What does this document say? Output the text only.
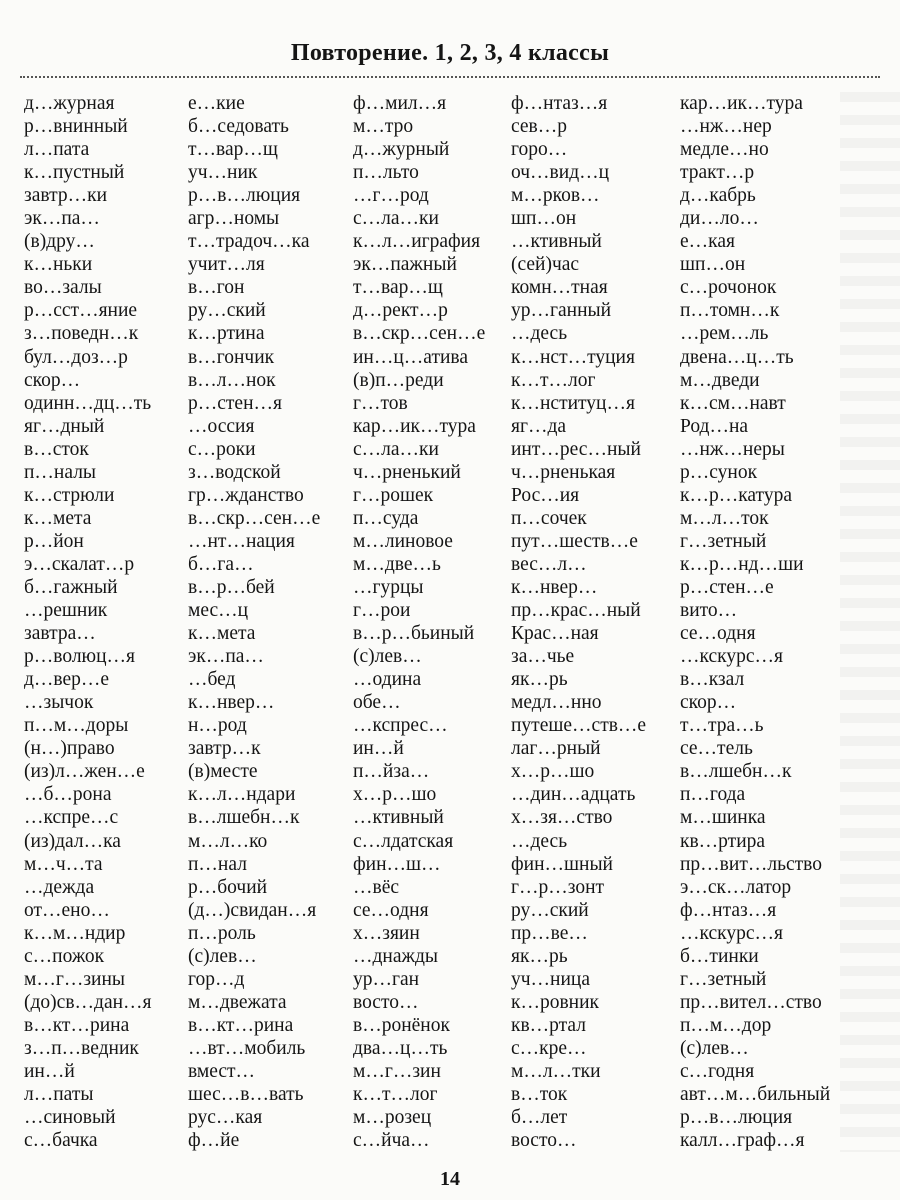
Повторение. 1, 2, 3, 4 классы
д…журная
р…внинный
л…пата
к…пустный
завтр…ки
эк…па…
(в)дру…
к…ньки
во…залы
р…сст…яние
з…поведн…к
бул…доз…р
скор…
одинн…дц…ть
яг…дный
в…сток
п…налы
к…стрюли
к…мета
р…йон
э…скалат…р
б…гажный
…решник
завтра…
р…волюц…я
д…вер…е
…зычок
п…м…доры
(н…)право
(из)л…жен…е
…б…рона
…кспре…с
(из)дал…ка
м…ч…та
…дежда
от…ено…
к…м…ндир
с…пожок
м…г…зины
(до)св…дан…я
в…кт…рина
з…п…ведник
ин…й
л…паты
…синовый
с…бачка
е…кие
б…седовать
т…вар…щ
уч…ник
р…в…люция
агр…номы
т…традоч…ка
учит…ля
в…гон
ру…ский
к…ртина
в…гончик
в…л…нок
р…стен…я
…оссия
с…роки
з…водской
гр…жданство
в…скр…сен…е
…нт…нация
б…га…
в…р…бей
мес…ц
к…мета
эк…па…
…бед
к…нвер…
н…род
завтр…к
(в)месте
к…л…ндари
в…лшебн…к
м…л…ко
п…нал
р…бочий
(д…)свидан…я
п…роль
(с)лев…
гор…д
м…двежата
в…кт…рина
…вт…мобиль
вмест…
шес…в…вать
рус…кая
ф…йе
ф…мил…я
м…тро
д…журный
п…льто
…г…род
с…ла…ки
к…л…играфия
эк…пажный
т…вар…щ
д…рект…р
в…скр…сен…е
ин…ц…атива
(в)п…реди
г…тов
кар…ик…тура
с…ла…ки
ч…рненький
г…рошек
п…суда
м…линовое
м…две…ь
…гурцы
г…рои
в…р…бьиный
(с)лев…
…одина
обе…
…кспрес…
ин…й
п…йза…
х…р…шо
…ктивный
с…лдатская
фин…ш…
…вёс
се…одня
х…зяин
…днажды
ур…ган
восто…
в…ронёнок
два…ц…ть
м…г…зин
к…т…лог
м…розец
с…йча…
ф…нтаз…я
сев…р
горо…
оч…вид…ц
м…рков…
шп…он
…ктивный
(сей)час
комн…тная
ур…ганный
…десь
к…нст…туция
к…т…лог
к…нституц…я
яг…да
инт…рес…ный
ч…рненькая
Рос…ия
п…сочек
пут…шеств…е
вес…л…
к…нвер…
пр…крас…ный
Крас…ная
за…чье
як…рь
медл…нно
путеше…ств…е
лаг…рный
х…р…шо
…дин…адцать
х…зя…ство
…десь
фин…шный
г…р…зонт
ру…ский
пр…ве…
як…рь
уч…ница
к…ровник
кв…ртал
с…кре…
м…л…тки
в…ток
б…лет
восто…
кар…ик…тура
…нж…нер
медле…но
тракт…р
д…кабрь
ди…ло…
е…кая
шп…он
с…рочонок
п…томн…к
…рем…ль
двена…ц…ть
м…дведи
к…см…навт
Род…на
…нж…неры
р…сунок
к…р…катура
м…л…ток
г…зетный
к…р…нд…ши
р…стен…е
вито…
се…одня
…кскурс…я
в…кзал
скор…
т…тра…ь
се…тель
в…лшебн…к
п…года
м…шинка
кв…ртира
пр…вит…льство
э…ск…латор
ф…нтаз…я
…кскурс…я
б…тинки
г…зетный
пр…вител…ство
п…м…дор
(с)лев…
с…годня
авт…м…бильный
р…в…люция
калл…граф…я
14
